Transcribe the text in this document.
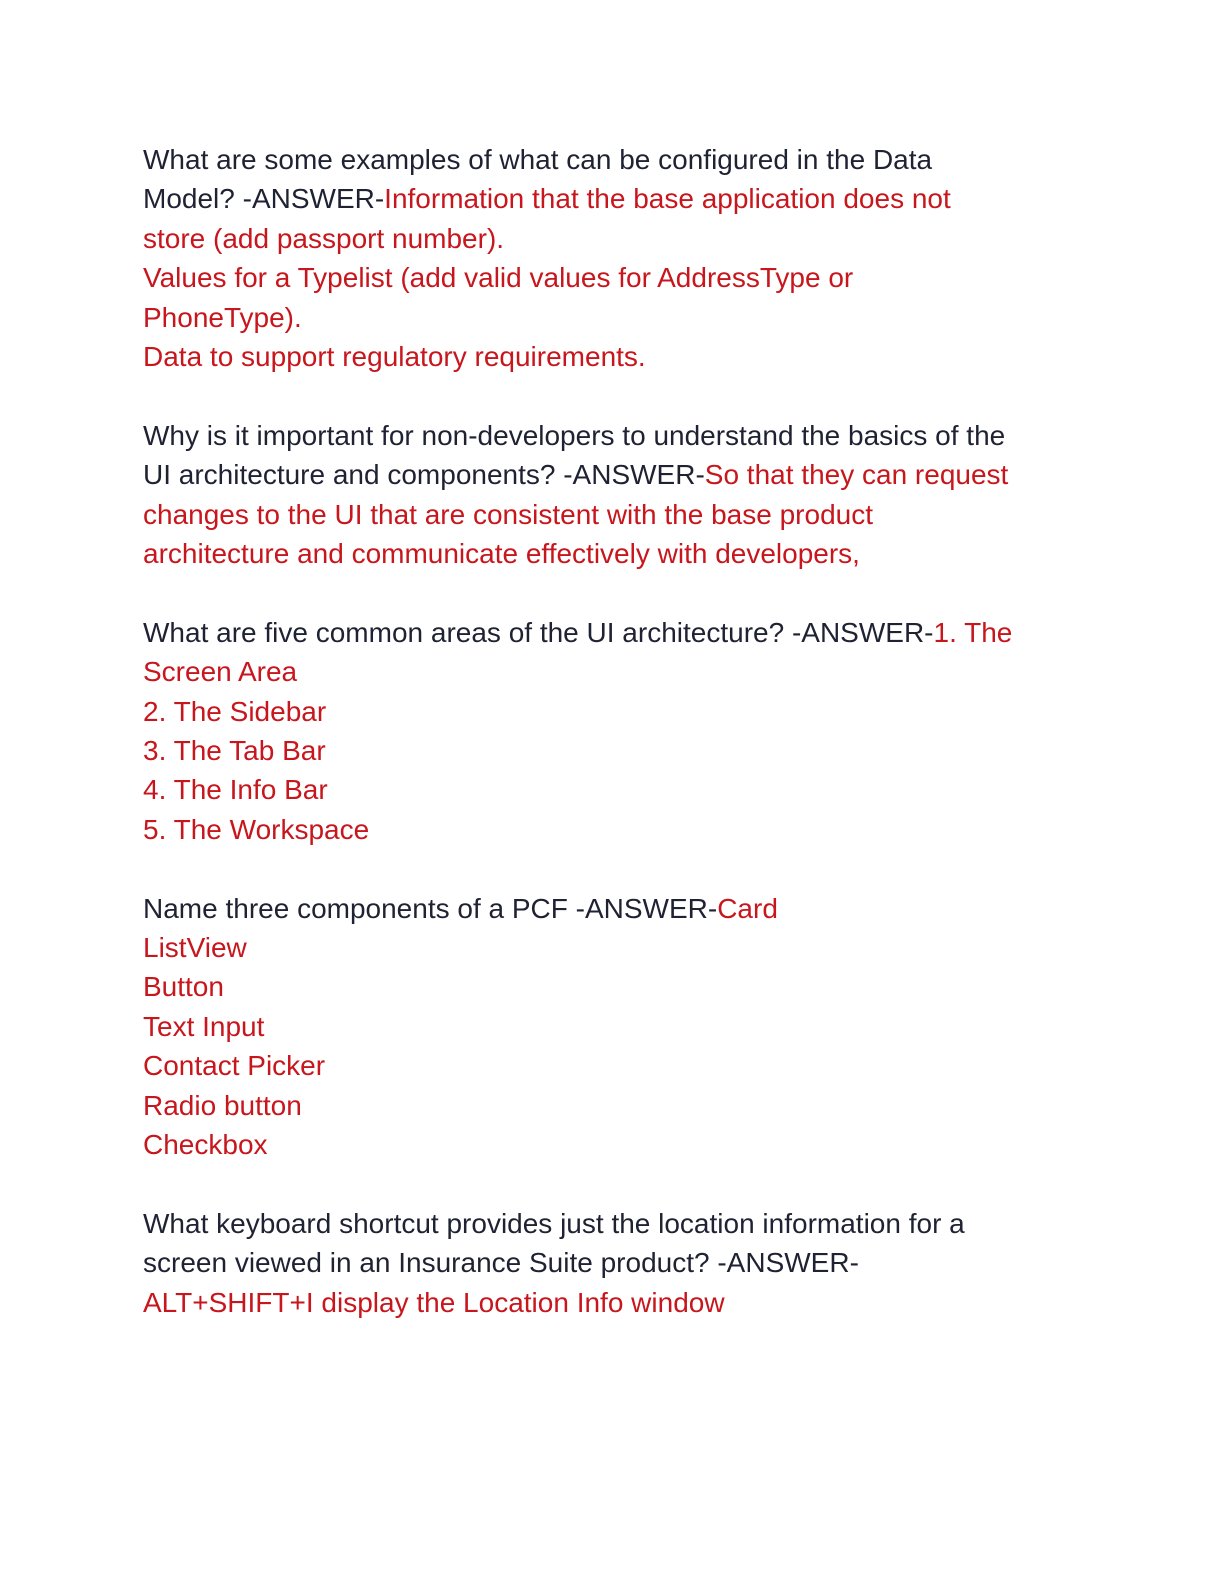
What are some examples of what can be configured in the Data
Model? -ANSWER-Information that the base application does not
store (add passport number).
Values for a Typelist (add valid values for AddressType or
PhoneType).
Data to support regulatory requirements.
Why is it important for non-developers to understand the basics of the
UI architecture and components? -ANSWER-So that they can request
changes to the UI that are consistent with the base product
architecture and communicate effectively with developers,
What are five common areas of the UI architecture? -ANSWER-1. The
Screen Area
2. The Sidebar
3. The Tab Bar
4. The Info Bar
5. The Workspace
Name three components of a PCF -ANSWER-Card
ListView
Button
Text Input
Contact Picker
Radio button
Checkbox
What keyboard shortcut provides just the location information for a
screen viewed in an Insurance Suite product? -ANSWER-
ALT+SHIFT+I display the Location Info window
